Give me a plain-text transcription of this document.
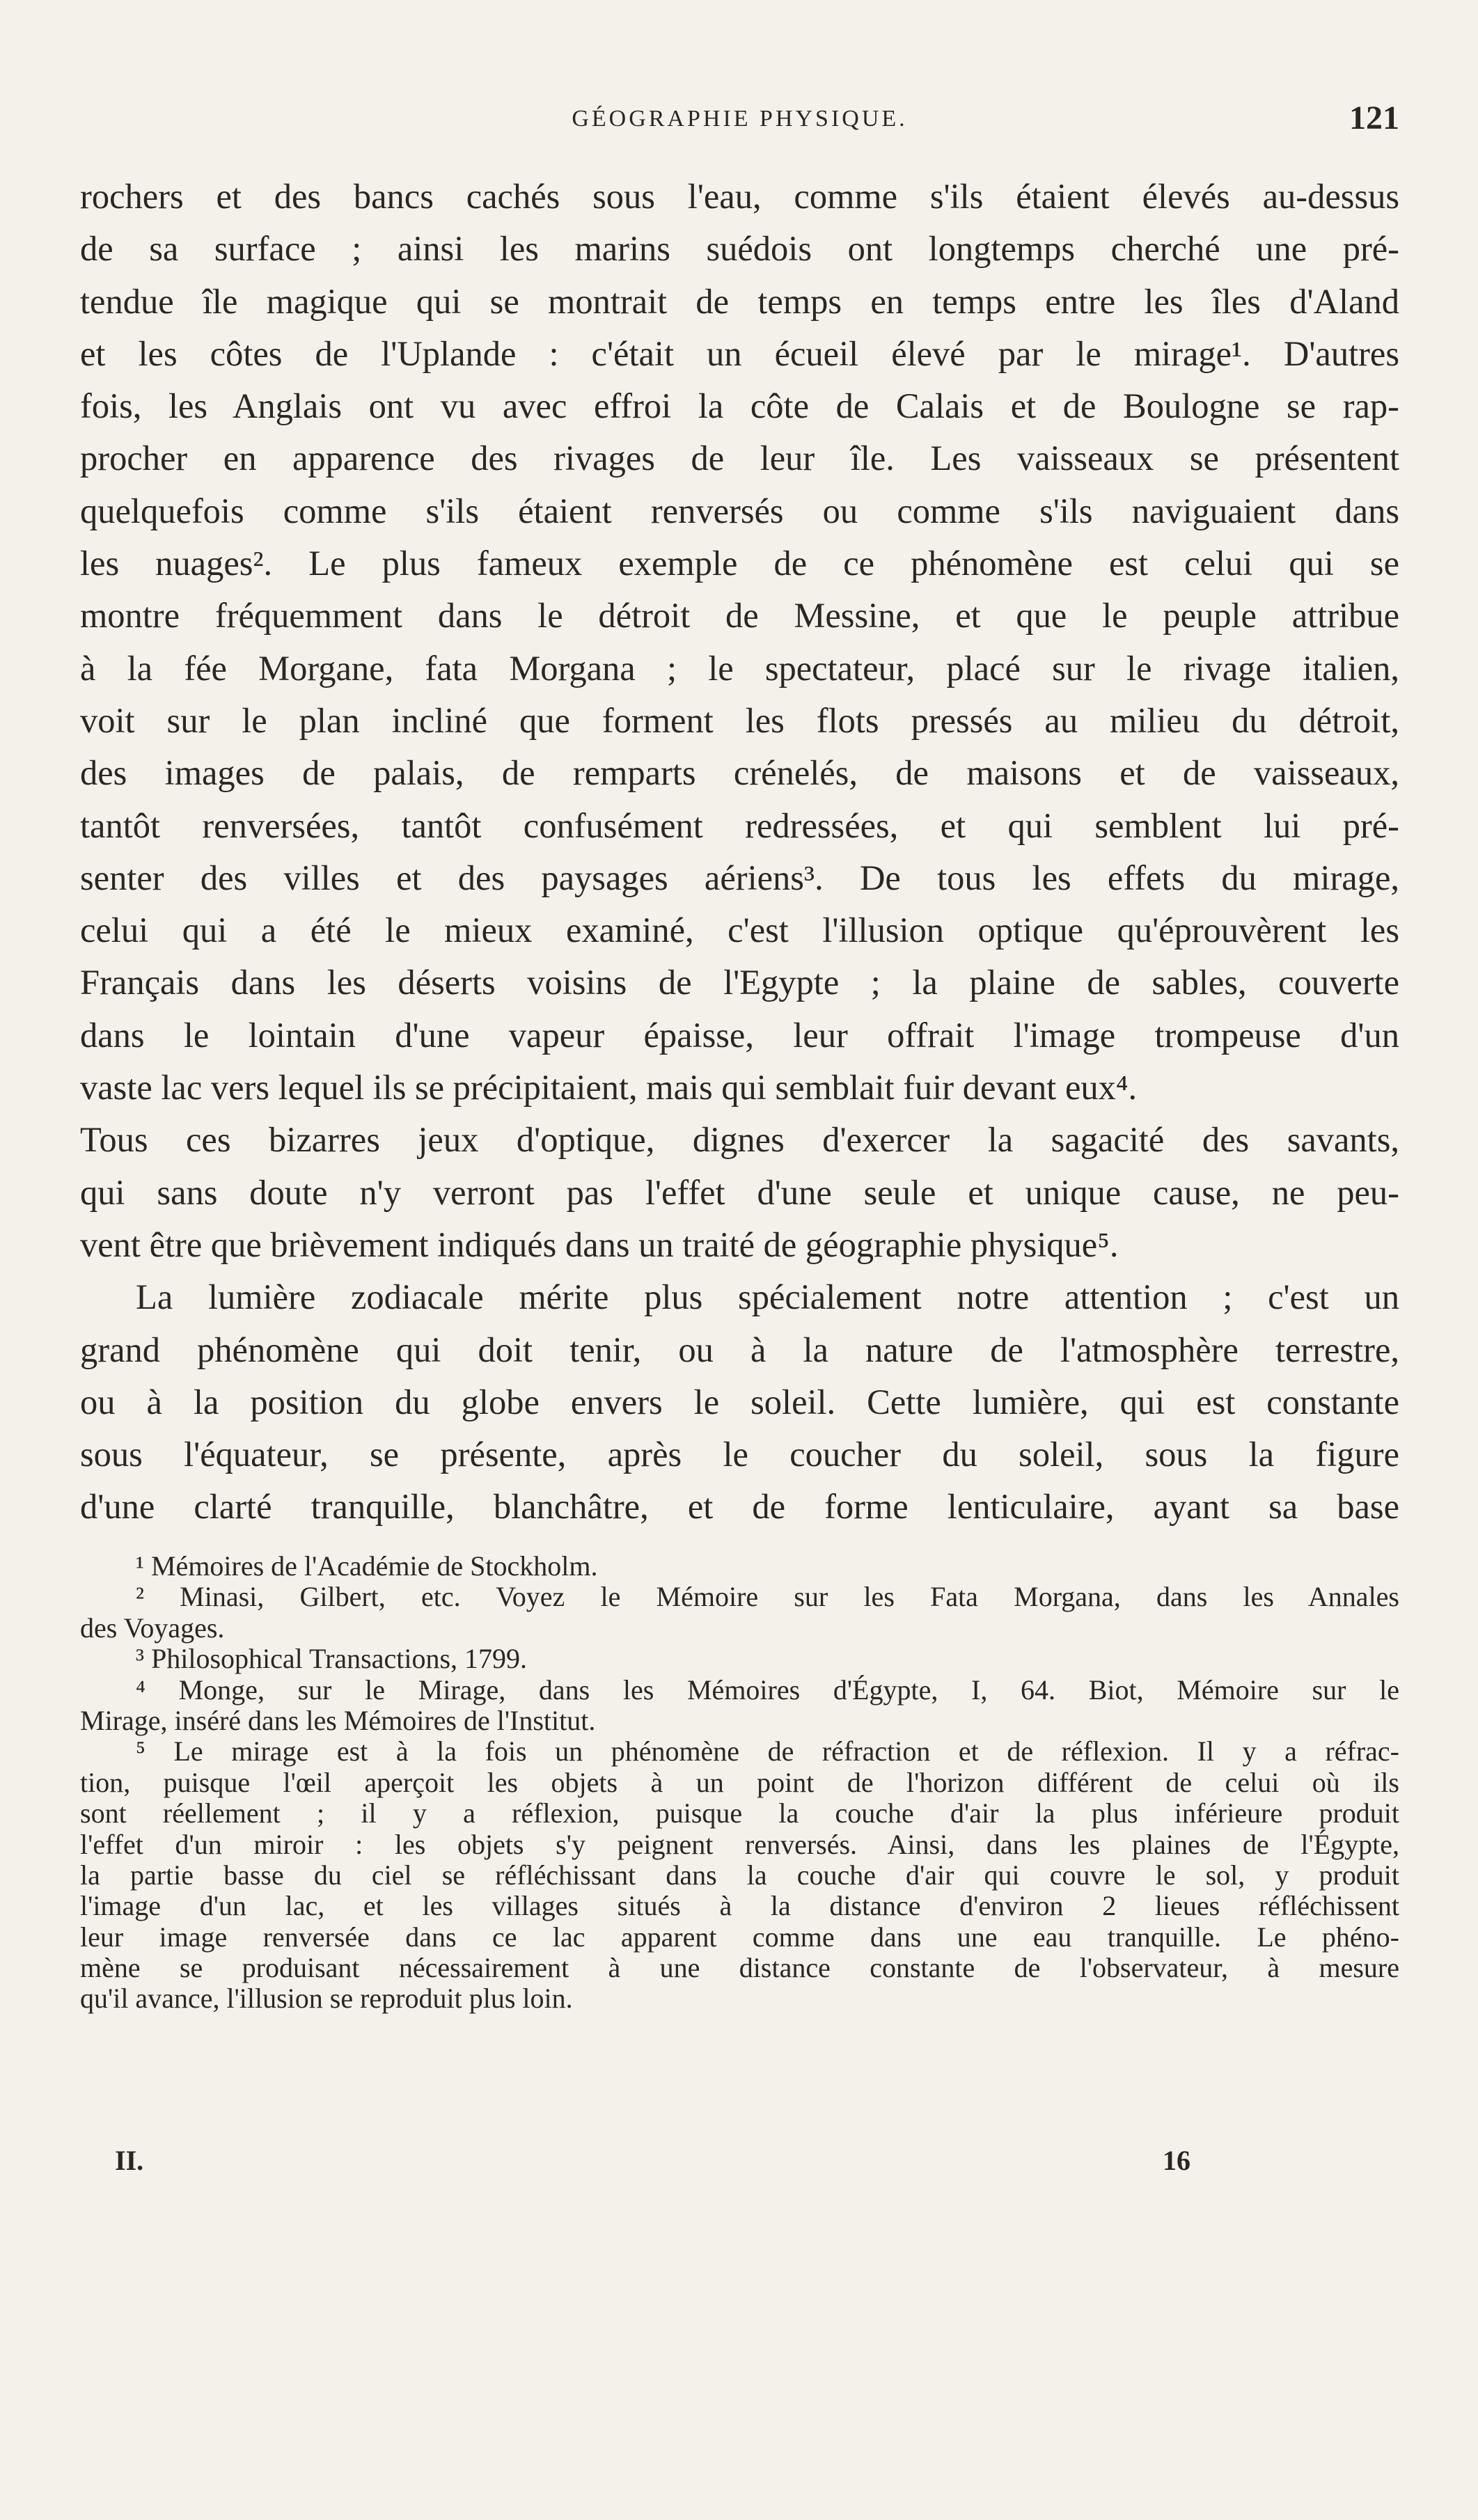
GÉOGRAPHIE PHYSIQUE.	121
rochers et des bancs cachés sous l'eau, comme s'ils étaient élevés au-dessus
de sa surface ; ainsi les marins suédois ont longtemps cherché une pré-
tendue île magique qui se montrait de temps en temps entre les îles d'Aland
et les côtes de l'Uplande : c'était un écueil élevé par le mirage¹. D'autres
fois, les Anglais ont vu avec effroi la côte de Calais et de Boulogne se rap-
procher en apparence des rivages de leur île. Les vaisseaux se présentent
quelquefois comme s'ils étaient renversés ou comme s'ils naviguaient dans
les nuages². Le plus fameux exemple de ce phénomène est celui qui se
montre fréquemment dans le détroit de Messine, et que le peuple attribue
à la fée Morgane, fata Morgana ; le spectateur, placé sur le rivage italien,
voit sur le plan incliné que forment les flots pressés au milieu du détroit,
des images de palais, de remparts crénelés, de maisons et de vaisseaux,
tantôt renversées, tantôt confusément redressées, et qui semblent lui pré-
senter des villes et des paysages aériens³. De tous les effets du mirage,
celui qui a été le mieux examiné, c'est l'illusion optique qu'éprouvèrent les
Français dans les déserts voisins de l'Egypte ; la plaine de sables, couverte
dans le lointain d'une vapeur épaisse, leur offrait l'image trompeuse d'un
vaste lac vers lequel ils se précipitaient, mais qui semblait fuir devant eux⁴.
Tous ces bizarres jeux d'optique, dignes d'exercer la sagacité des savants,
qui sans doute n'y verront pas l'effet d'une seule et unique cause, ne peu-
vent être que brièvement indiqués dans un traité de géographie physique⁵.
La lumière zodiacale mérite plus spécialement notre attention ; c'est un
grand phénomène qui doit tenir, ou à la nature de l'atmosphère terrestre,
ou à la position du globe envers le soleil. Cette lumière, qui est constante
sous l'équateur, se présente, après le coucher du soleil, sous la figure
d'une clarté tranquille, blanchâtre, et de forme lenticulaire, ayant sa base
¹ Mémoires de l'Académie de Stockholm.
² Minasi, Gilbert, etc. Voyez le Mémoire sur les Fata Morgana, dans les Annales
des Voyages.
³ Philosophical Transactions, 1799.
⁴ Monge, sur le Mirage, dans les Mémoires d'Égypte, I, 64. Biot, Mémoire sur le
Mirage, inséré dans les Mémoires de l'Institut.
⁵ Le mirage est à la fois un phénomène de réfraction et de réflexion. Il y a réfrac-
tion, puisque l'œil aperçoit les objets à un point de l'horizon différent de celui où ils
sont réellement ; il y a réflexion, puisque la couche d'air la plus inférieure produit
l'effet d'un miroir : les objets s'y peignent renversés. Ainsi, dans les plaines de l'Égypte,
la partie basse du ciel se réfléchissant dans la couche d'air qui couvre le sol, y produit
l'image d'un lac, et les villages situés à la distance d'environ 2 lieues réfléchissent
leur image renversée dans ce lac apparent comme dans une eau tranquille. Le phéno-
mène se produisant nécessairement à une distance constante de l'observateur, à mesure
qu'il avance, l'illusion se reproduit plus loin.
II.	16
